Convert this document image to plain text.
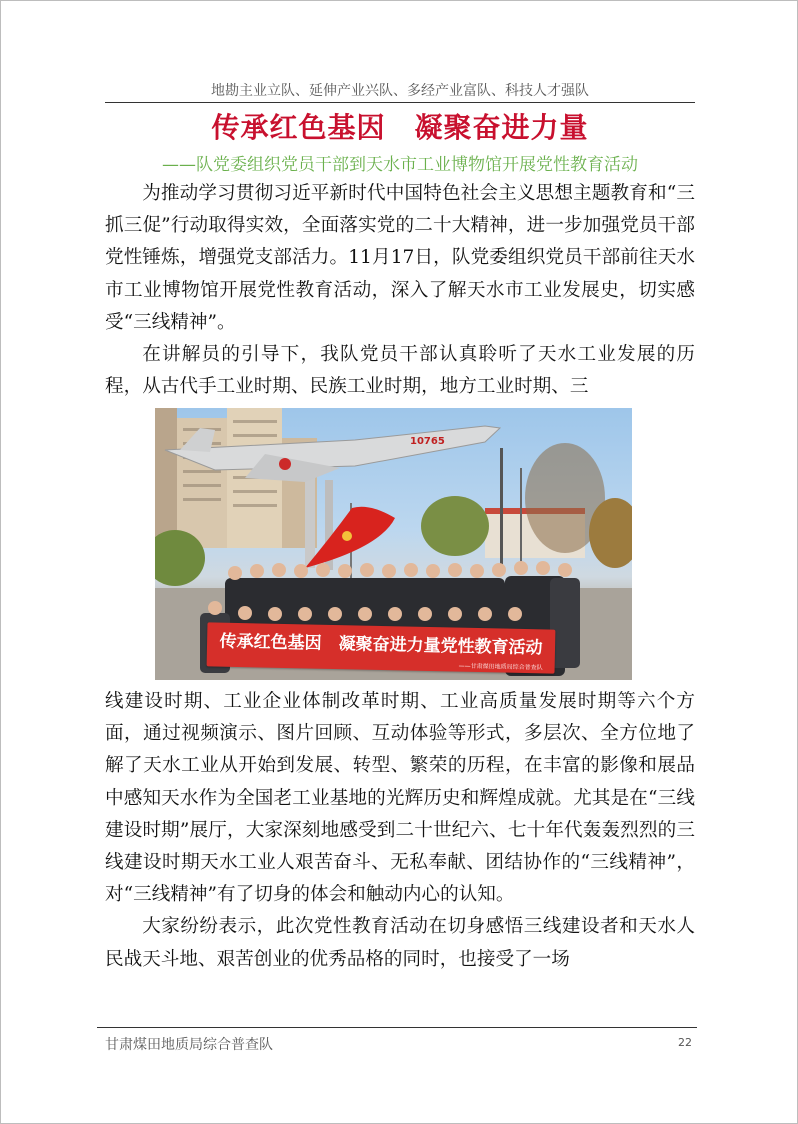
地勘主业立队、延伸产业兴队、多经产业富队、科技人才强队
传承红色基因　凝聚奋进力量
——队党委组织党员干部到天水市工业博物馆开展党性教育活动

为推动学习贯彻习近平新时代中国特色社会主义思想主题教育和“三抓三促”行动取得实效，全面落实党的二十大精神，进一步加强党员干部党性锤炼，增强党支部活力。11月17日，队党委组织党员干部前往天水市工业博物馆开展党性教育活动，深入了解天水市工业发展史，切实感受“三线精神”。

在讲解员的引导下，我队党员干部认真聆听了天水工业发展的历程，从古代手工业时期、民族工业时期，地方工业时期、三

10765
传承红色基因　凝聚奋进力量党性教育活动
——甘肃煤田地质局综合普查队

线建设时期、工业企业体制改革时期、工业高质量发展时期等六个方面，通过视频演示、图片回顾、互动体验等形式，多层次、全方位地了解了天水工业从开始到发展、转型、繁荣的历程，在丰富的影像和展品中感知天水作为全国老工业基地的光辉历史和辉煌成就。尤其是在“三线建设时期”展厅，大家深刻地感受到二十世纪六、七十年代轰轰烈烈的三线建设时期天水工业人艰苦奋斗、无私奉献、团结协作的“三线精神”，对“三线精神”有了切身的体会和触动内心的认知。

大家纷纷表示，此次党性教育活动在切身感悟三线建设者和天水人民战天斗地、艰苦创业的优秀品格的同时，也接受了一场

甘肃煤田地质局综合普查队	22
